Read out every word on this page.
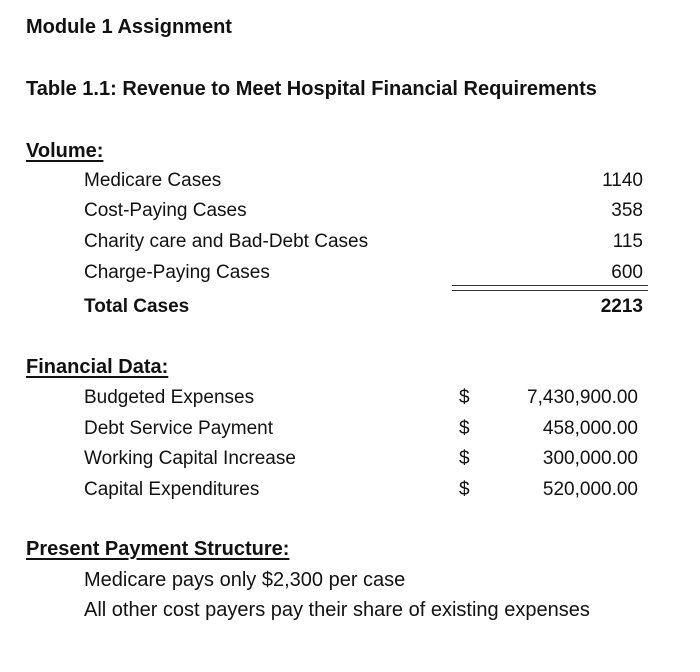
Module 1 Assignment
Table 1.1: Revenue to Meet Hospital Financial Requirements
Volume:
Medicare Cases	1140
Cost-Paying Cases	358
Charity care and Bad-Debt Cases	115
Charge-Paying Cases	600
Total Cases	2213
Financial Data:
Budgeted Expenses	$	7,430,900.00
Debt Service Payment	$	458,000.00
Working Capital Increase	$	300,000.00
Capital Expenditures	$	520,000.00
Present Payment Structure:
Medicare pays only $2,300 per case
All other cost payers pay their share of existing expenses
